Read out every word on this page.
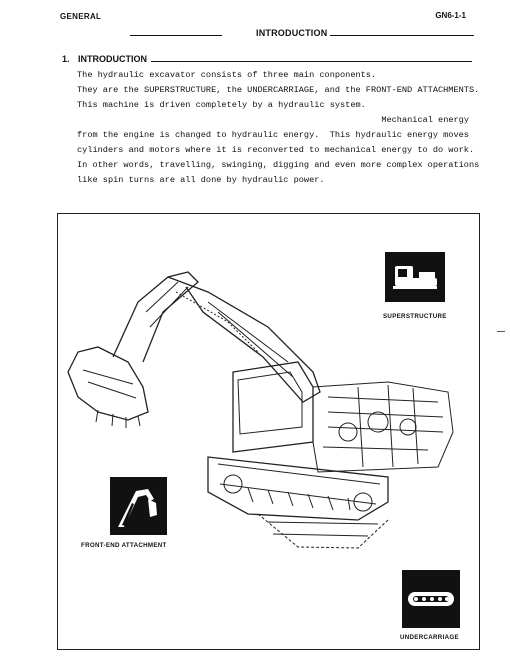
GENERAL	GN6-1-1
INTRODUCTION
1. INTRODUCTION
The hydraulic excavator consists of three main conponents.
They are the SUPERSTRUCTURE, the UNDERCARRIAGE, and the FRONT-END ATTACHMENTS.
This machine is driven completely by a hydraulic system.
Mechanical energy
from the engine is changed to hydraulic energy.  This hydraulic energy moves
cylinders and motors where it is reconverted to mechanical energy to do work.
In other words, travelling, swinging, digging and even more complex operations
like spin turns are all done by hydraulic power.
SUPERSTRUCTURE
FRONT-END ATTACHMENT
UNDERCARRIAGE
